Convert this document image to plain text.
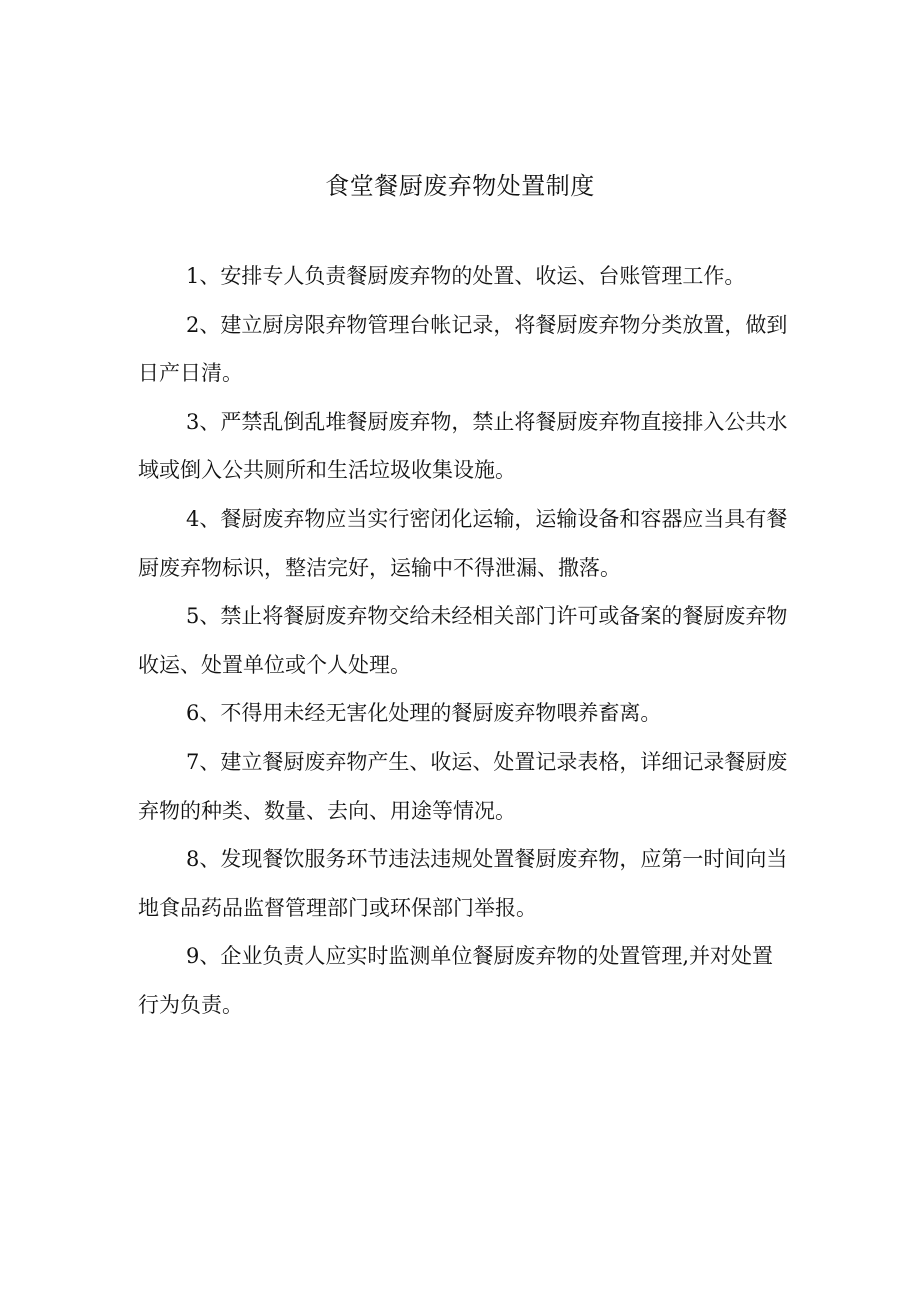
食堂餐厨废弃物处置制度

1、安排专人负责餐厨废弃物的处置、收运、台账管理工作。

2、建立厨房限弃物管理台帐记录，将餐厨废弃物分类放置，做到日产日清。

3、严禁乱倒乱堆餐厨废弃物，禁止将餐厨废弃物直接排入公共水域或倒入公共厕所和生活垃圾收集设施。

4、餐厨废弃物应当实行密闭化运输，运输设备和容器应当具有餐厨废弃物标识，整洁完好，运输中不得泄漏、撒落。

5、禁止将餐厨废弃物交给未经相关部门许可或备案的餐厨废弃物收运、处置单位或个人处理。

6、不得用未经无害化处理的餐厨废弃物喂养畜离。

7、建立餐厨废弃物产生、收运、处置记录表格，详细记录餐厨废弃物的种类、数量、去向、用途等情况。

8、发现餐饮服务环节违法违规处置餐厨废弃物，应第一时间向当地食品药品监督管理部门或环保部门举报。

9、企业负责人应实时监测单位餐厨废弃物的处置管理,并对处置行为负责。
